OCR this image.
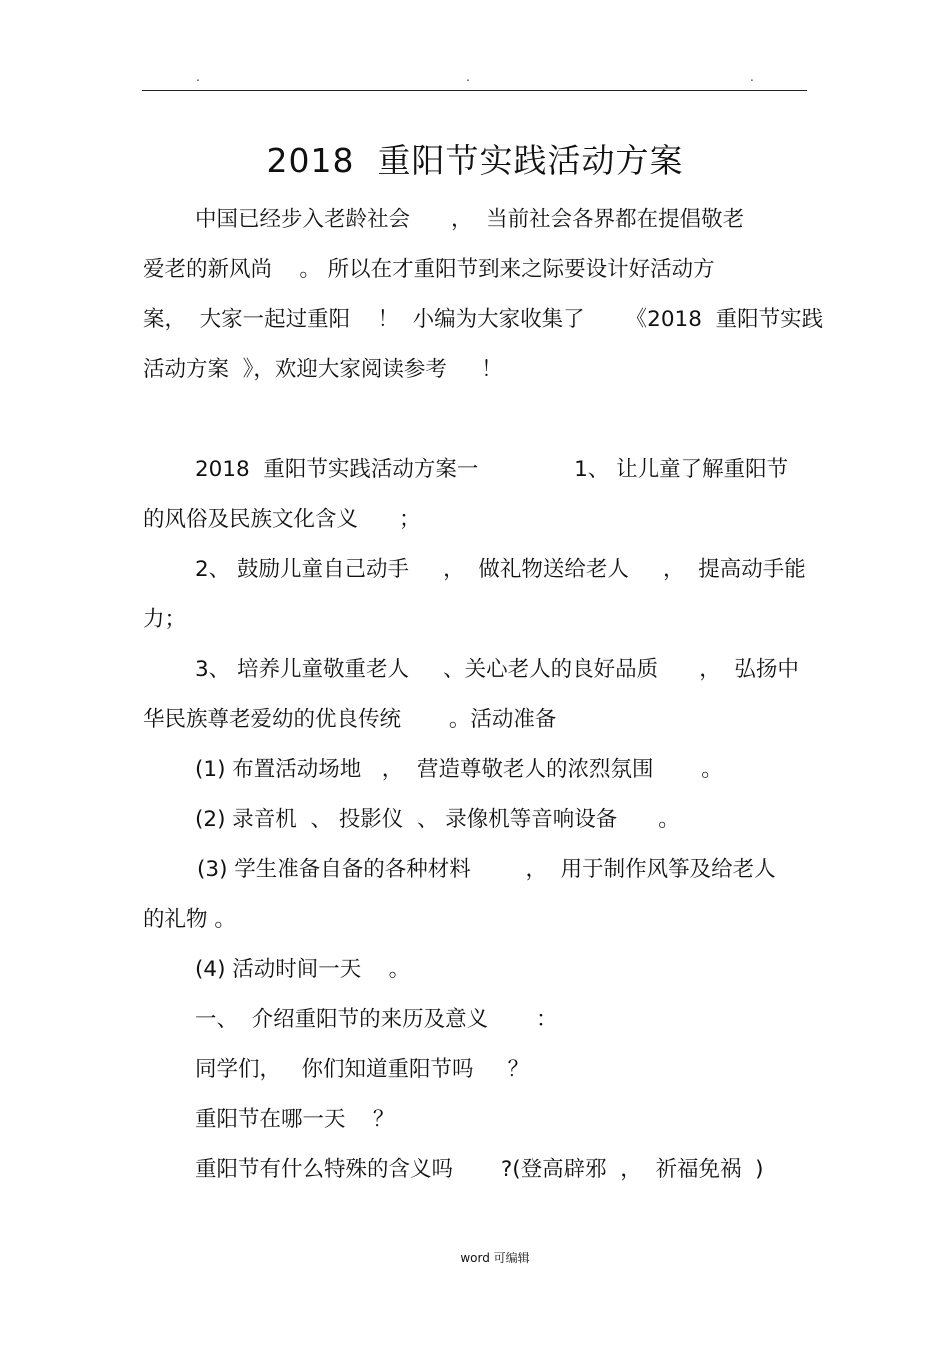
.	.	.
2018  重阳节实践活动方案
中国已经步入老龄社会      ，  当前社会各界都在提倡敬老
爱老的新风尚    。 所以在才重阳节到来之际要设计好活动方
案，  大家一起过重阳    ！  小编为大家收集了      《2018  重阳节实践
活动方案  》，欢迎大家阅读参考     ！
2018  重阳节实践活动方案一              1、 让儿童了解重阳节
的风俗及民族文化含义      ；
2、 鼓励儿童自己动手     ，  做礼物送给老人     ，  提高动手能
力；
3、 培养儿童敬重老人     、关心老人的良好品质      ，  弘扬中
华民族尊老爱幼的优良传统       。活动准备
(1) 布置活动场地   ，  营造尊敬老人的浓烈氛围       。
(2) 录音机  、 投影仪  、 录像机等音响设备      。
(3) 学生准备自备的各种材料        ，  用于制作风筝及给老人
的礼物 。
(4) 活动时间一天    。
一、  介绍重阳节的来历及意义       ：
同学们，   你们知道重阳节吗     ？
重阳节在哪一天    ？
重阳节有什么特殊的含义吗       ?(登高辟邪  ，  祈福免祸  )
word 可编辑
